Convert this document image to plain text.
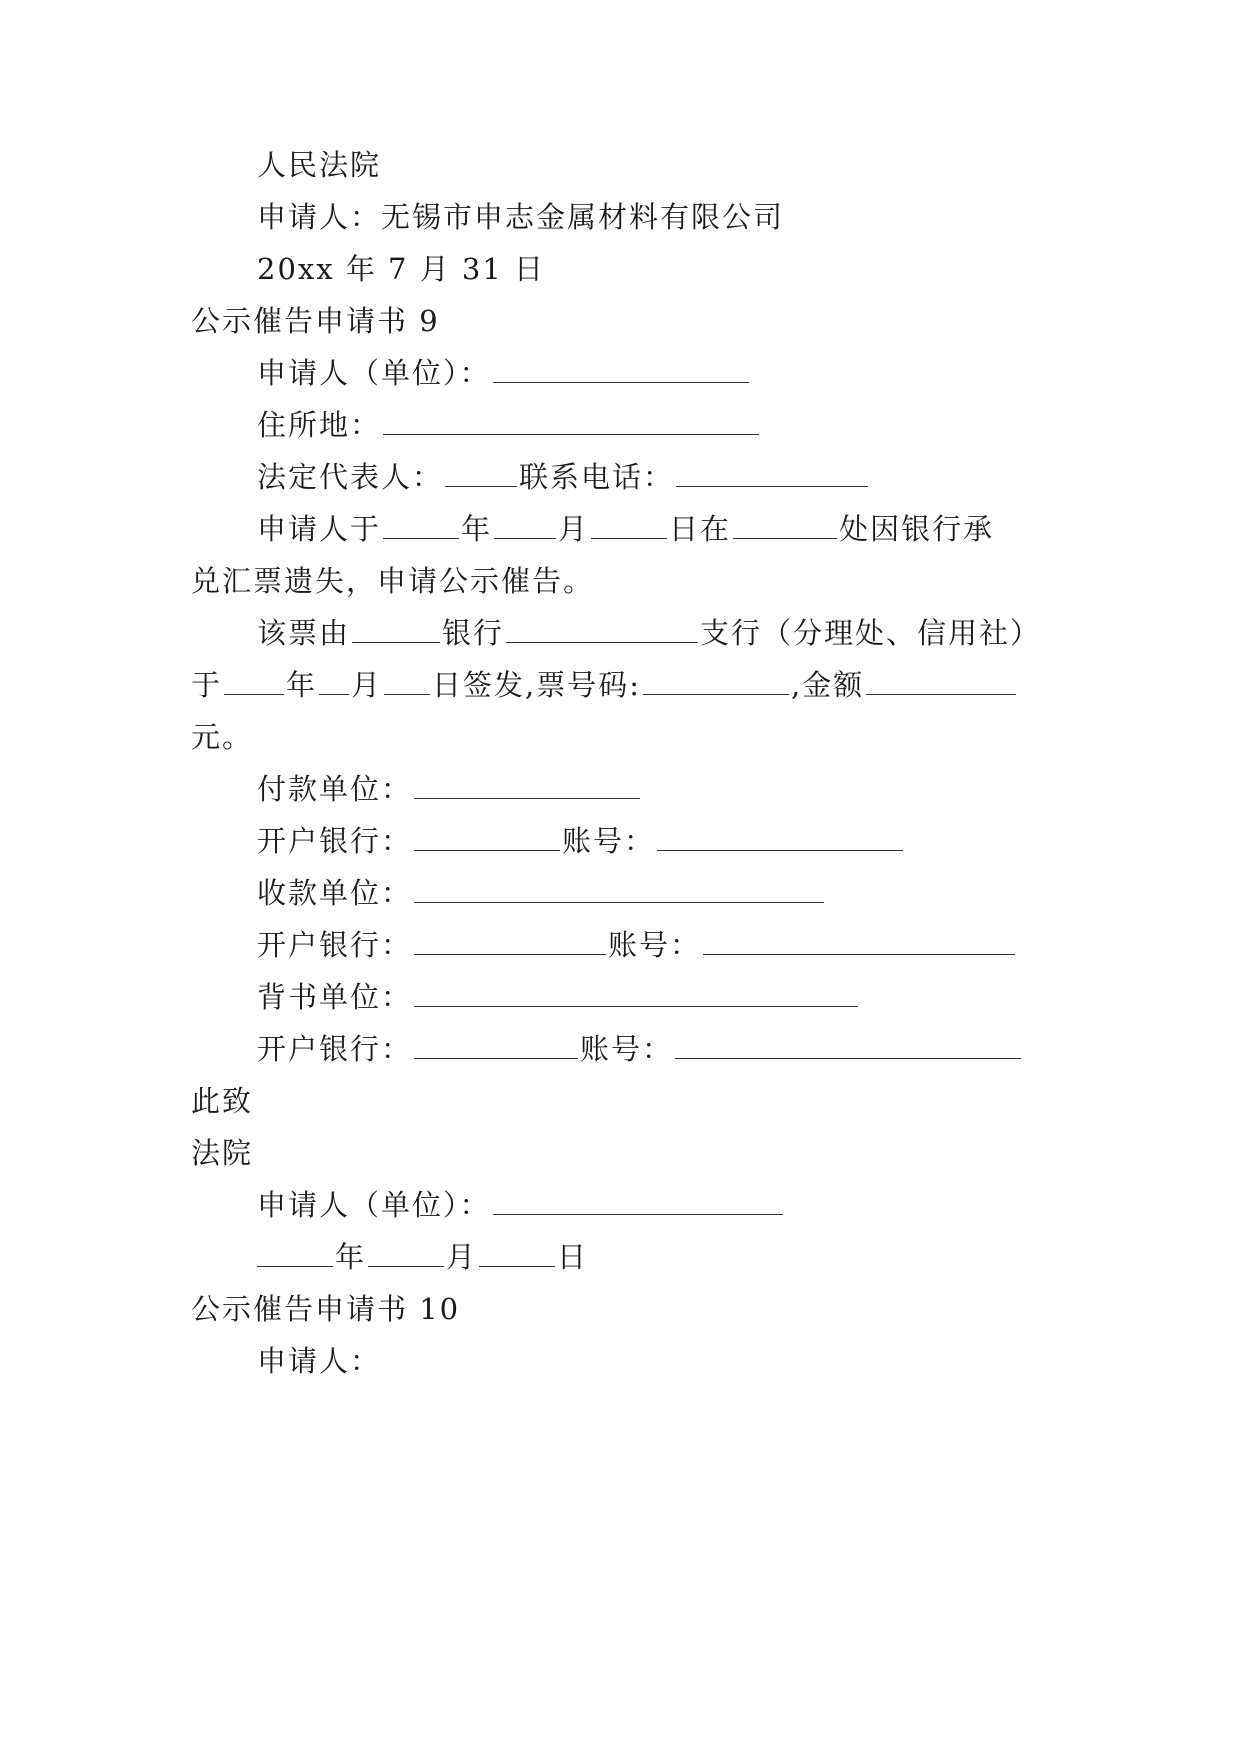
人民法院
申请人：无锡市申志金属材料有限公司
20xx 年 7 月 31 日
公示催告申请书 9
申请人（单位）：
住所地：
法定代表人：	联系电话：
申请人于	年 月	日在	处因银行承
兑汇票遗失，申请公示催告。
该票由	银行	支行（分理处、信用社）
于 年 月 日签发,票号码:	,金额
元。
付款单位：
开户银行：	账号：
收款单位：
开户银行：	账号：
背书单位：
开户银行：	账号：
此致
法院
申请人（单位）：
年	月	日
公示催告申请书 10
申请人：
